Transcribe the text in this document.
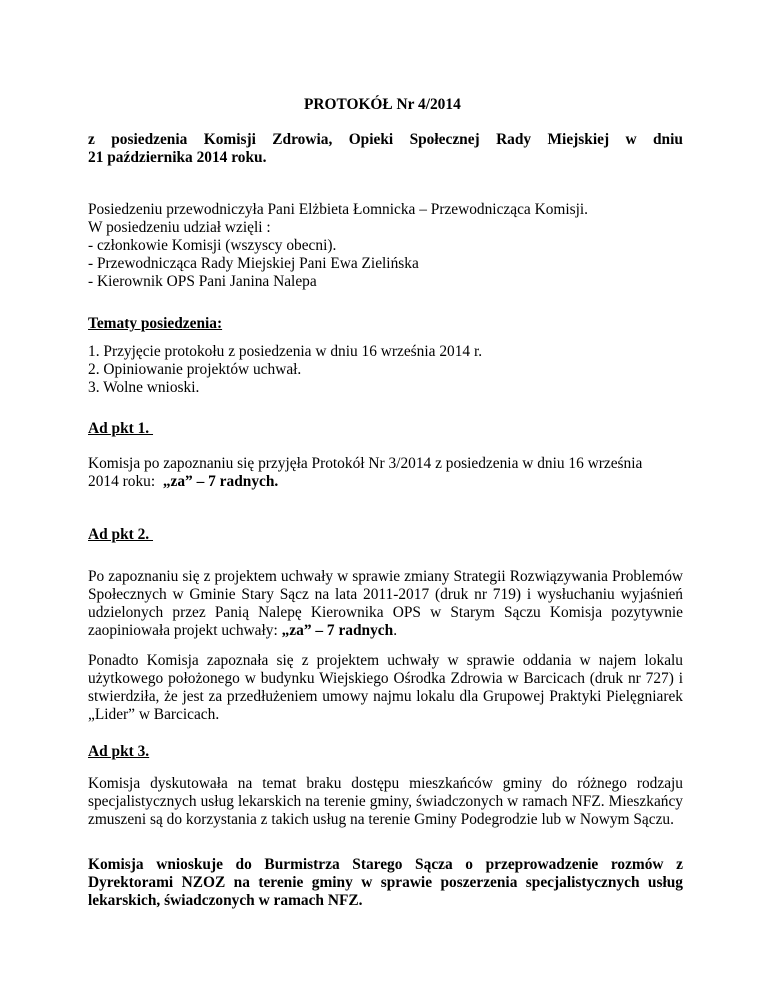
PROTOKÓŁ Nr 4/2014
z posiedzenia Komisji Zdrowia, Opieki Społecznej Rady Miejskiej w dniu
21 października 2014 roku.
Posiedzeniu przewodniczyła Pani Elżbieta Łomnicka – Przewodnicząca Komisji.
W posiedzeniu udział wzięli :
- członkowie Komisji (wszyscy obecni).
- Przewodnicząca Rady Miejskiej Pani Ewa Zielińska
- Kierownik OPS Pani Janina Nalepa
Tematy posiedzenia:
1. Przyjęcie protokołu z posiedzenia w dniu 16 września 2014 r.
2. Opiniowanie projektów uchwał.
3. Wolne wnioski.
Ad pkt 1.
Komisja po zapoznaniu się przyjęła Protokół Nr 3/2014 z posiedzenia w dniu 16 września
2014 roku:  „za” – 7 radnych.
Ad pkt 2.
Po zapoznaniu się z projektem uchwały w sprawie zmiany Strategii Rozwiązywania Problemów Społecznych w Gminie Stary Sącz na lata 2011-2017 (druk nr 719) i wysłuchaniu wyjaśnień udzielonych przez Panią Nalepę Kierownika OPS w Starym Sączu Komisja pozytywnie zaopiniowała projekt uchwały: „za” – 7 radnych.
Ponadto Komisja zapoznała się z projektem uchwały w sprawie oddania w najem lokalu użytkowego położonego w budynku Wiejskiego Ośrodka Zdrowia w Barcicach (druk nr 727) i stwierdziła, że jest za przedłużeniem umowy najmu lokalu dla Grupowej Praktyki Pielęgniarek „Lider” w Barcicach.
Ad pkt 3.
Komisja dyskutowała na temat braku dostępu mieszkańców gminy do różnego rodzaju specjalistycznych usług lekarskich na terenie gminy, świadczonych w ramach NFZ. Mieszkańcy zmuszeni są do korzystania z takich usług na terenie Gminy Podegrodzie lub w Nowym Sączu.
Komisja wnioskuje do Burmistrza Starego Sącza o przeprowadzenie rozmów z Dyrektorami NZOZ na terenie gminy w sprawie poszerzenia specjalistycznych usług lekarskich, świadczonych w ramach NFZ.
